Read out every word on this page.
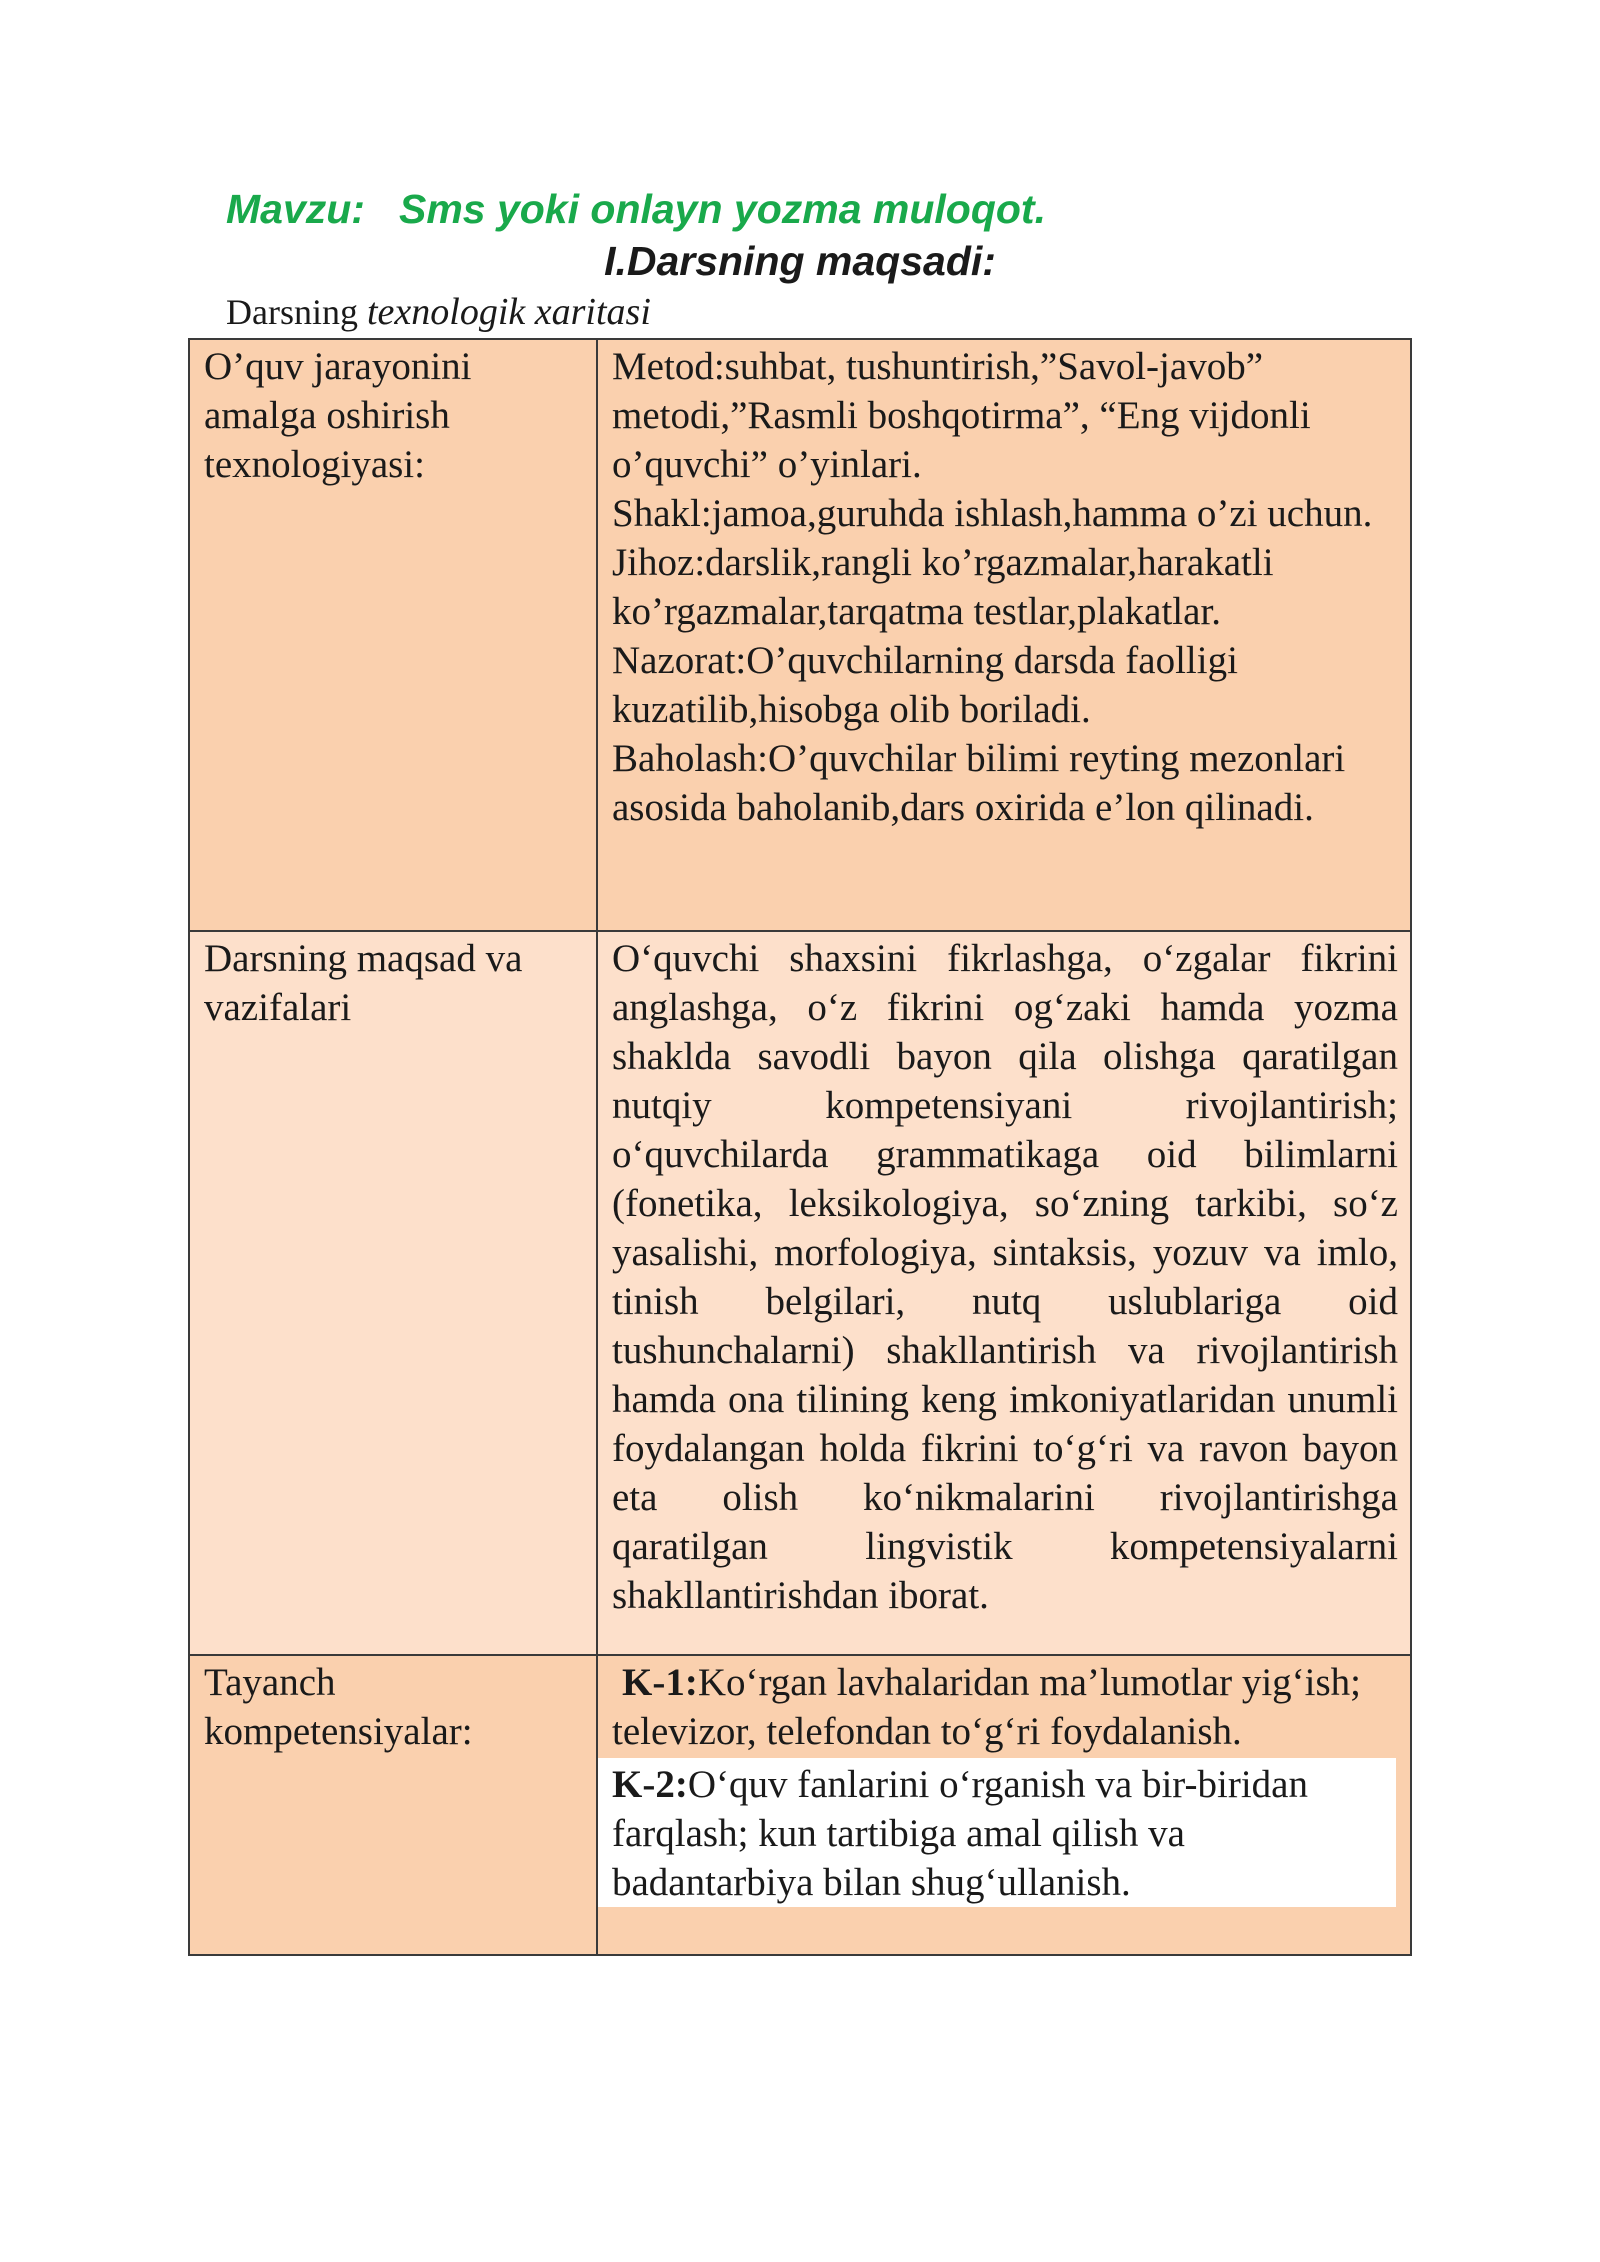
Mavzu: Sms yoki onlayn yozma muloqot.
I.Darsning maqsadi:
Darsning texnologik xaritasi
O’quv jarayonini amalga oshirish texnologiyasi:	Metod:suhbat, tushuntirish,”Savol-javob” metodi,”Rasmli boshqotirma”, “Eng vijdonli o’quvchi” o’yinlari.
Shakl:jamoa,guruhda ishlash,hamma o’zi uchun.
Jihoz:darslik,rangli ko’rgazmalar,harakatli ko’rgazmalar,tarqatma testlar,plakatlar.
Nazorat:O’quvchilarning darsda faolligi kuzatilib,hisobga olib boriladi.
Baholash:O’quvchilar bilimi reyting mezonlari asosida baholanib,dars oxirida e’lon qilinadi.

Darsning maqsad va vazifalari	O‘quvchi shaxsini fikrlashga, o‘zgalar fikrini anglashga, o‘z fikrini og‘zaki hamda yozma shaklda savodli bayon qila olishga qaratilgan nutqiy kompetensiyani rivojlantirish; o‘quvchilarda grammatikaga oid bilimlarni (fonetika, leksikologiya, so‘zning tarkibi, so‘z yasalishi, morfologiya, sintaksis, yozuv va imlo, tinish belgilari, nutq uslublariga oid tushunchalarni) shakllantirish va rivojlantirish hamda ona tilining keng imkoniyatlaridan unumli foydalangan holda fikrini to‘g‘ri va ravon bayon eta olish ko‘nikmalarini rivojlantirishga qaratilgan lingvistik kompetensiyalarni shakllantirishdan iborat.
Tayanch kompetensiyalar:	K-1:Ko‘rgan lavhalaridan ma’lumotlar yig‘ish; televizor, telefondan to‘g‘ri foydalanish.
K-2:O‘quv fanlarini o‘rganish va bir-biridan farqlash; kun tartibiga amal qilish va badantarbiya bilan shug‘ullanish.
